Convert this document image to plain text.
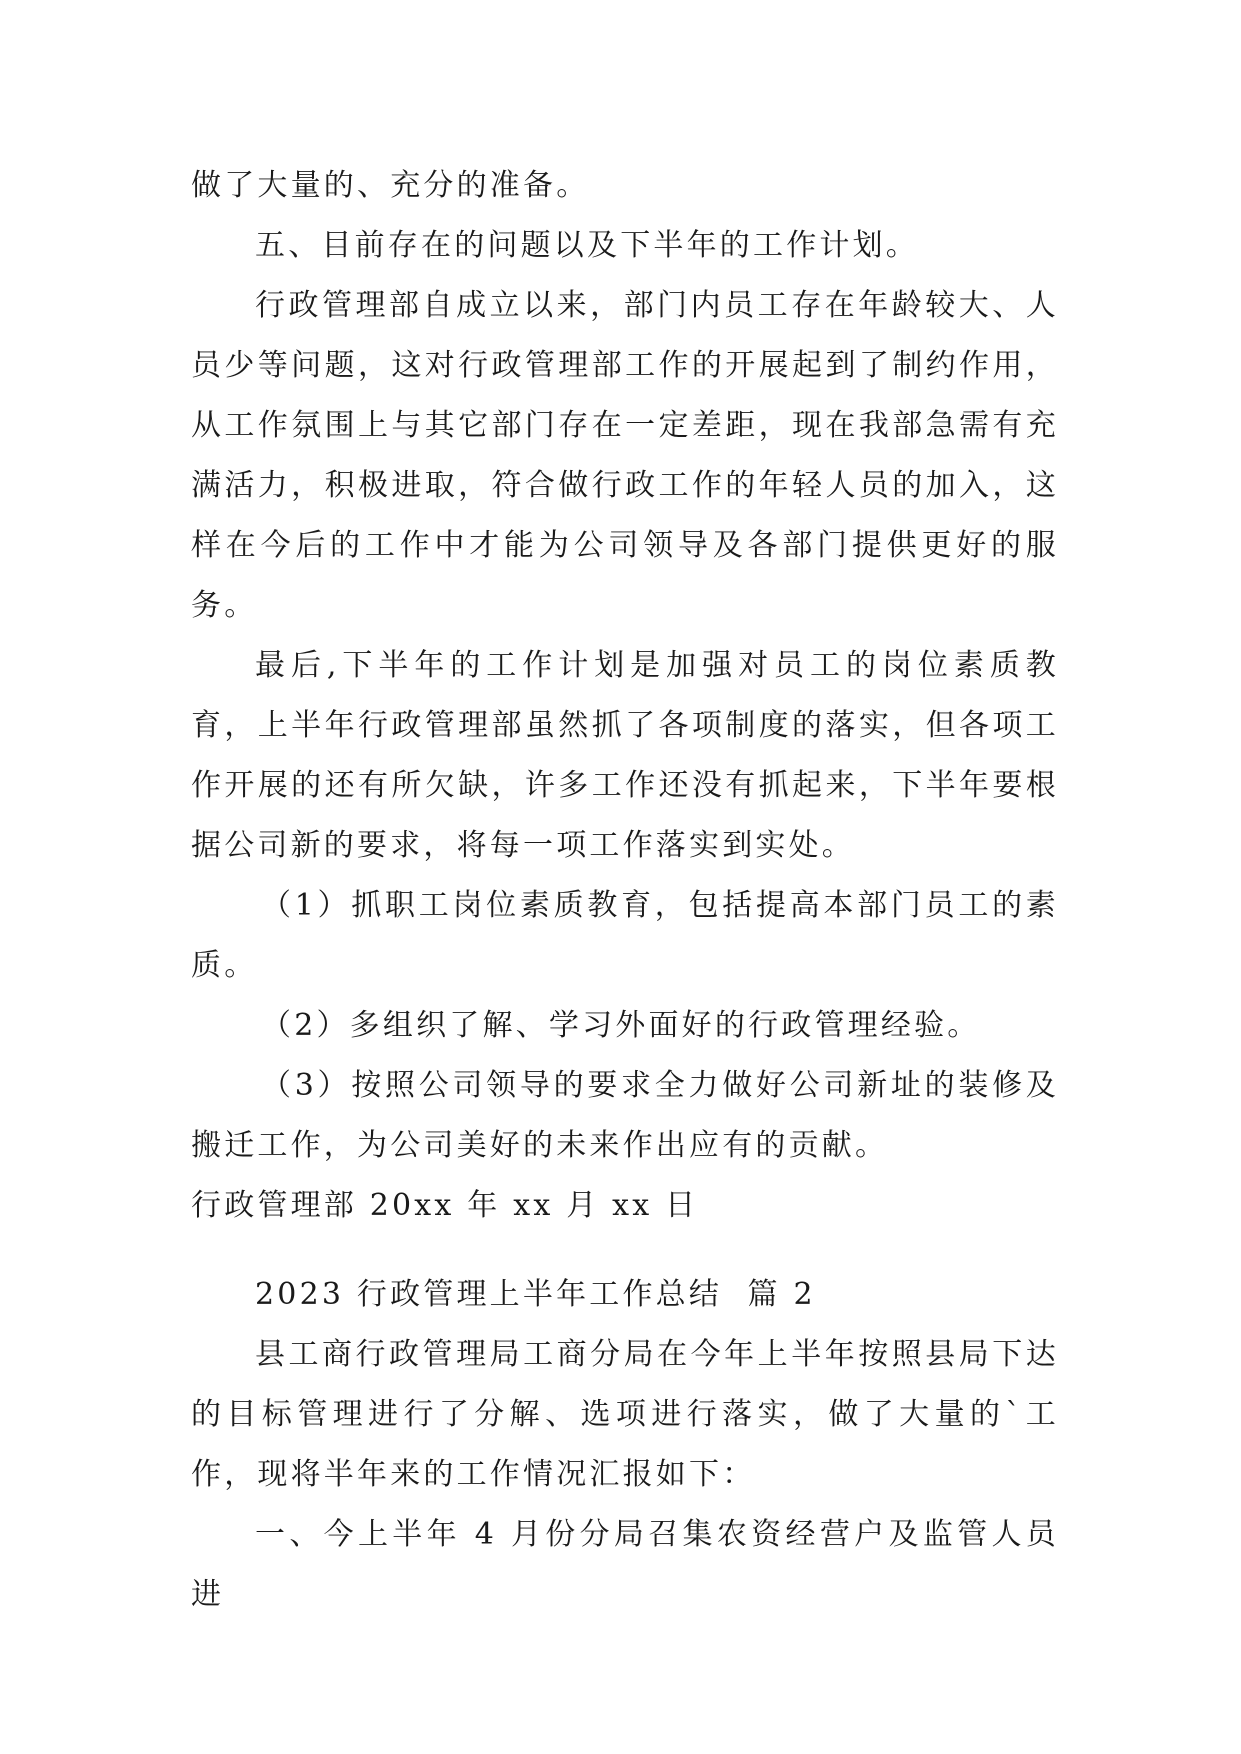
做了大量的、充分的准备。

五、目前存在的问题以及下半年的工作计划。

行政管理部自成立以来，部门内员工存在年龄较大、人员少等问题，这对行政管理部工作的开展起到了制约作用，从工作氛围上与其它部门存在一定差距，现在我部急需有充满活力，积极进取，符合做行政工作的年轻人员的加入，这样在今后的工作中才能为公司领导及各部门提供更好的服务。

最后,下半年的工作计划是加强对员工的岗位素质教育，上半年行政管理部虽然抓了各项制度的落实，但各项工作开展的还有所欠缺，许多工作还没有抓起来，下半年要根据公司新的要求，将每一项工作落实到实处。

（1）抓职工岗位素质教育，包括提高本部门员工的素质。

（2）多组织了解、学习外面好的行政管理经验。

（3）按照公司领导的要求全力做好公司新址的装修及搬迁工作，为公司美好的未来作出应有的贡献。

行政管理部 20xx 年 xx 月 xx 日

2023 行政管理上半年工作总结  篇 2

县工商行政管理局工商分局在今年上半年按照县局下达的目标管理进行了分解、选项进行落实，做了大量的`工作，现将半年来的工作情况汇报如下：

一、今上半年 4 月份分局召集农资经营户及监管人员进
